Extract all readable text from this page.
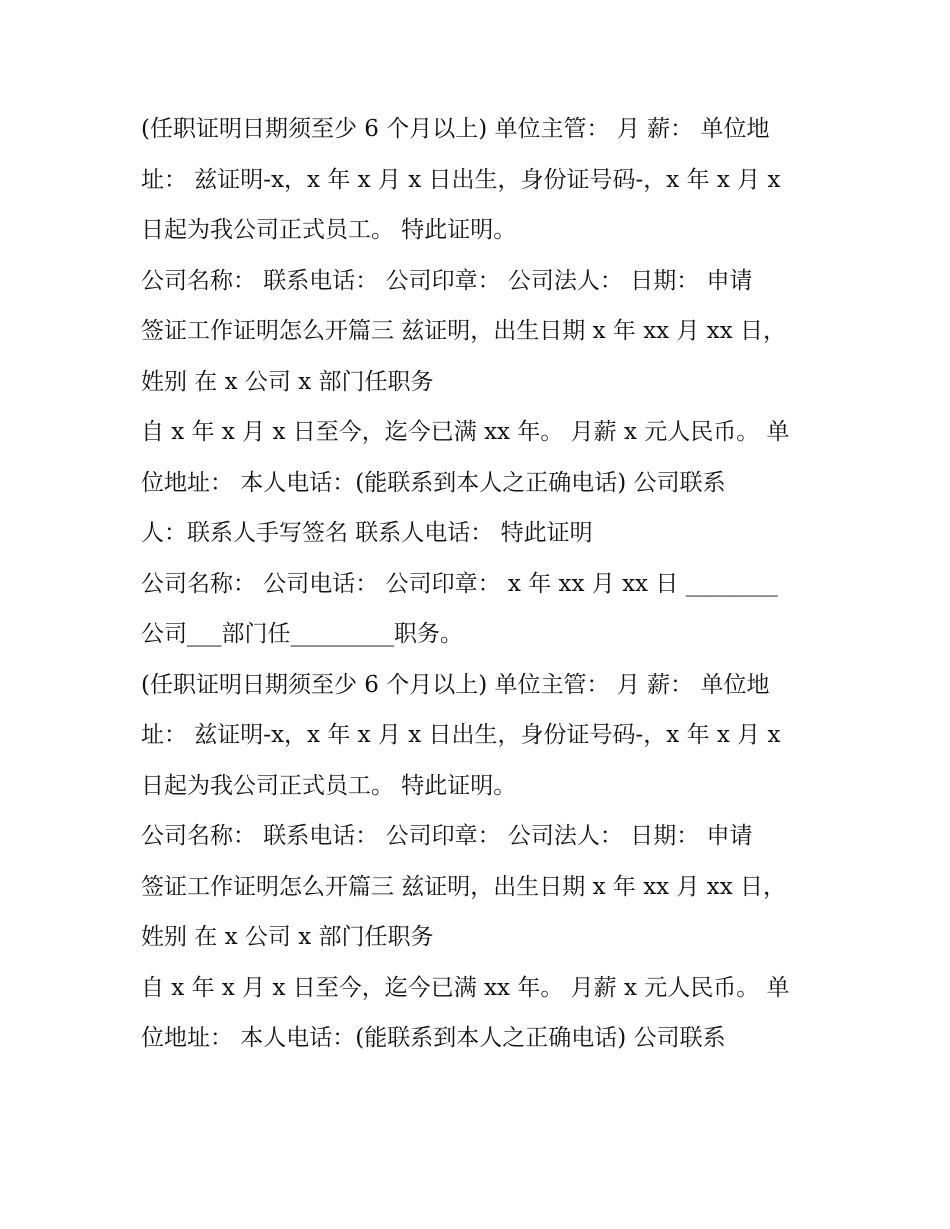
(任职证明日期须至少 6 个月以上) 单位主管： 月 薪： 单位地
址： 兹证明-x，x 年 x 月 x 日出生，身份证号码-，x 年 x 月 x
日起为我公司正式员工。 特此证明。
公司名称： 联系电话： 公司印章： 公司法人： 日期： 申请
签证工作证明怎么开篇三 兹证明，出生日期 x 年 xx 月 xx 日，
姓别 在 x 公司 x 部门任职务
自 x 年 x 月 x 日至今，迄今已满 xx 年。 月薪 x 元人民币。 单
位地址： 本人电话：(能联系到本人之正确电话) 公司联系
人：联系人手写签名 联系人电话： 特此证明
公司名称： 公司电话： 公司印章： x 年 xx 月 xx 日 ________
公司___部门任_________职务。
(任职证明日期须至少 6 个月以上) 单位主管： 月 薪： 单位地
址： 兹证明-x，x 年 x 月 x 日出生，身份证号码-，x 年 x 月 x
日起为我公司正式员工。 特此证明。
公司名称： 联系电话： 公司印章： 公司法人： 日期： 申请
签证工作证明怎么开篇三 兹证明，出生日期 x 年 xx 月 xx 日，
姓别 在 x 公司 x 部门任职务
自 x 年 x 月 x 日至今，迄今已满 xx 年。 月薪 x 元人民币。 单
位地址： 本人电话：(能联系到本人之正确电话) 公司联系
